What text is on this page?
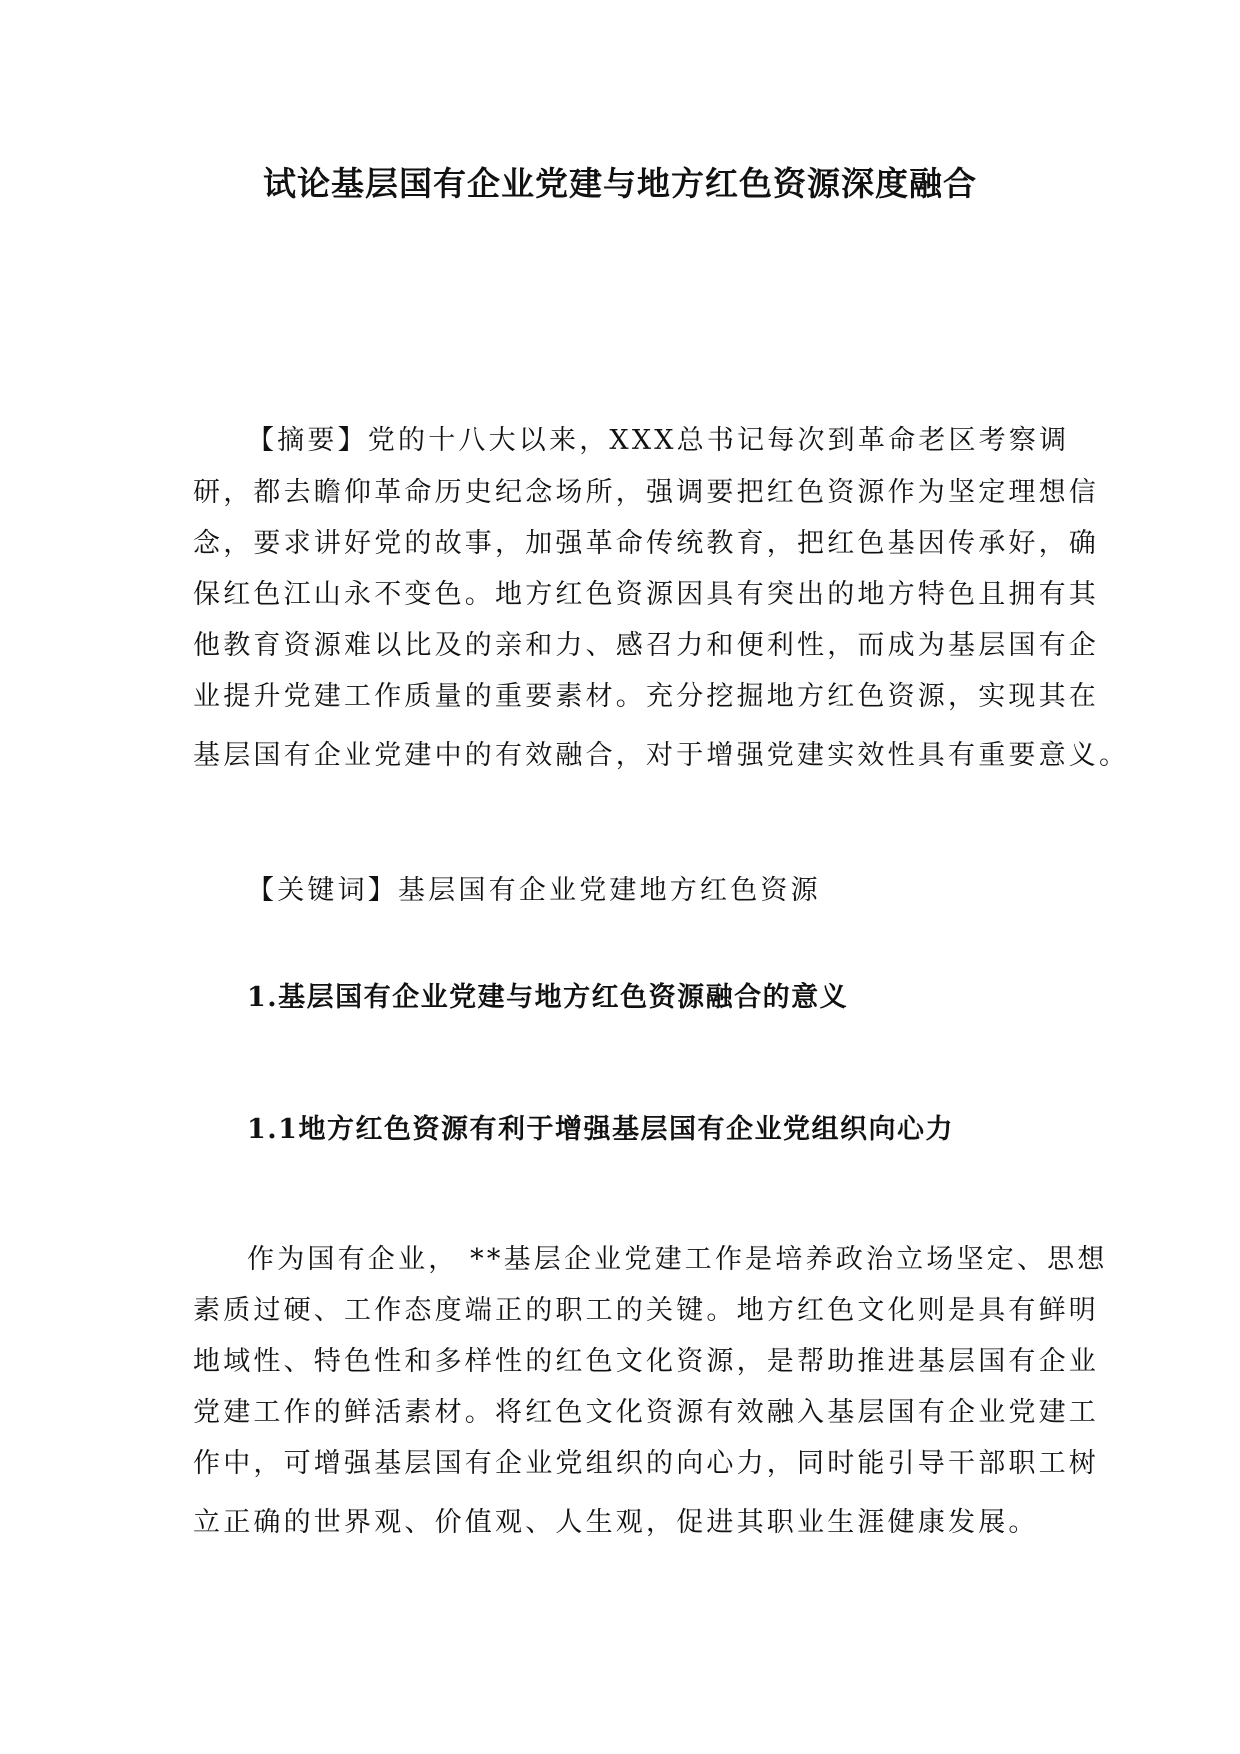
试论基层国有企业党建与地方红色资源深度融合

【摘要】党的十八大以来，XXX总书记每次到革命老区考察调

研，都去瞻仰革命历史纪念场所，强调要把红色资源作为坚定理想信

念，要求讲好党的故事，加强革命传统教育，把红色基因传承好，确

保红色江山永不变色。地方红色资源因具有突出的地方特色且拥有其

他教育资源难以比及的亲和力、感召力和便利性，而成为基层国有企

业提升党建工作质量的重要素材。充分挖掘地方红色资源，实现其在

基层国有企业党建中的有效融合，对于增强党建实效性具有重要意义。

【关键词】基层国有企业党建地方红色资源

1.基层国有企业党建与地方红色资源融合的意义

1.1地方红色资源有利于增强基层国有企业党组织向心力

作为国有企业， **基层企业党建工作是培养政治立场坚定、思想

素质过硬、工作态度端正的职工的关键。地方红色文化则是具有鲜明

地域性、特色性和多样性的红色文化资源，是帮助推进基层国有企业

党建工作的鲜活素材。将红色文化资源有效融入基层国有企业党建工

作中，可增强基层国有企业党组织的向心力，同时能引导干部职工树

立正确的世界观、价值观、人生观，促进其职业生涯健康发展。
